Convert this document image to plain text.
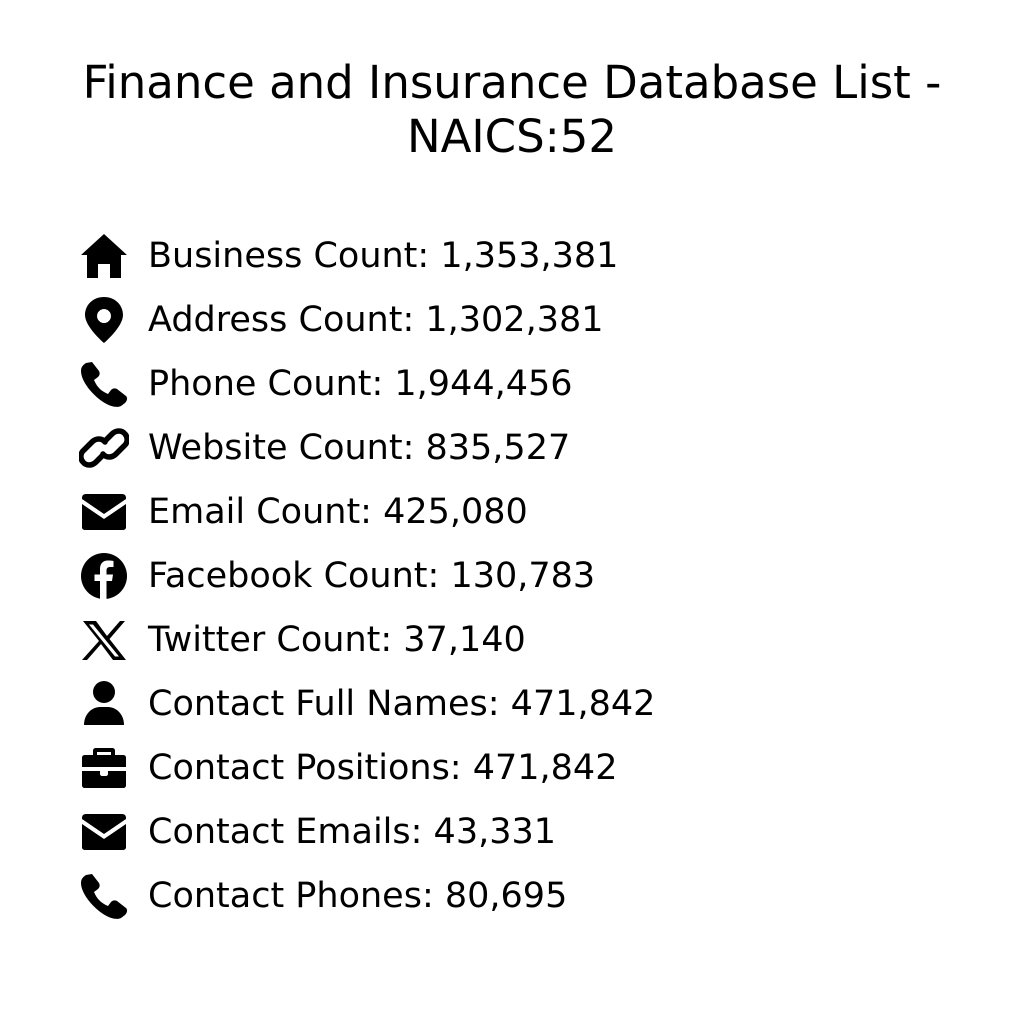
Finance and Insurance Database List - NAICS:52
Business Count: 1,353,381
Address Count: 1,302,381
Phone Count: 1,944,456
Website Count: 835,527
Email Count: 425,080
Facebook Count: 130,783
Twitter Count: 37,140
Contact Full Names: 471,842
Contact Positions: 471,842
Contact Emails: 43,331
Contact Phones: 80,695
